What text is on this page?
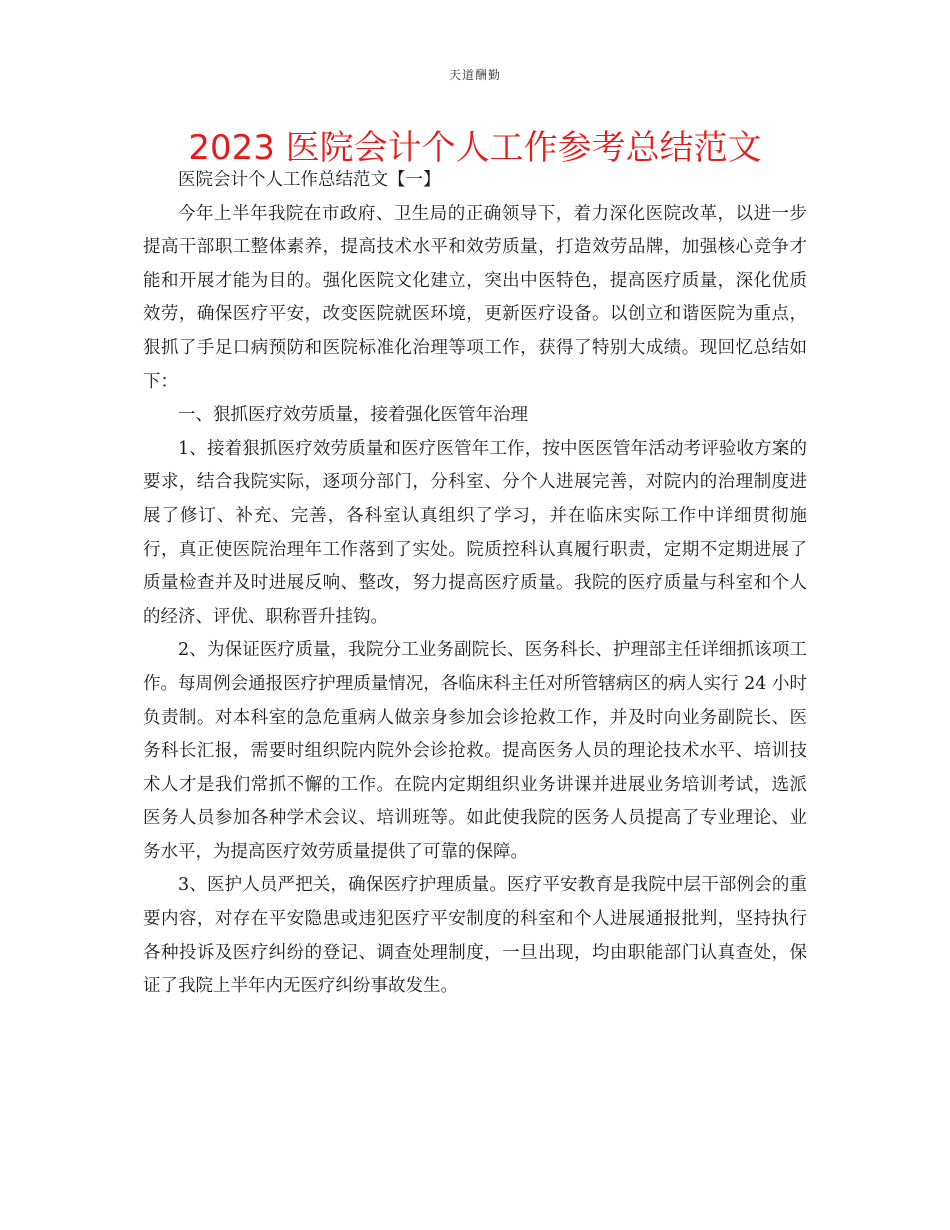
天道酬勤
2023 医院会计个人工作参考总结范文

医院会计个人工作总结范文【一】

今年上半年我院在市政府、卫生局的正确领导下，着力深化医院改革，以进一步提高干部职工整体素养，提高技术水平和效劳质量，打造效劳品牌，加强核心竞争才能和开展才能为目的。强化医院文化建立，突出中医特色，提高医疗质量，深化优质效劳，确保医疗平安，改变医院就医环境，更新医疗设备。以创立和谐医院为重点，狠抓了手足口病预防和医院标准化治理等项工作，获得了特别大成绩。现回忆总结如下：

一、狠抓医疗效劳质量，接着强化医管年治理

1、接着狠抓医疗效劳质量和医疗医管年工作，按中医医管年活动考评验收方案的要求，结合我院实际，逐项分部门，分科室、分个人进展完善，对院内的治理制度进展了修订、补充、完善，各科室认真组织了学习，并在临床实际工作中详细贯彻施行，真正使医院治理年工作落到了实处。院质控科认真履行职责，定期不定期进展了质量检查并及时进展反响、整改，努力提高医疗质量。我院的医疗质量与科室和个人的经济、评优、职称晋升挂钩。

2、为保证医疗质量，我院分工业务副院长、医务科长、护理部主任详细抓该项工作。每周例会通报医疗护理质量情况，各临床科主任对所管辖病区的病人实行 24 小时负责制。对本科室的急危重病人做亲身参加会诊抢救工作，并及时向业务副院长、医务科长汇报，需要时组织院内院外会诊抢救。提高医务人员的理论技术水平、培训技术人才是我们常抓不懈的工作。在院内定期组织业务讲课并进展业务培训考试，选派医务人员参加各种学术会议、培训班等。如此使我院的医务人员提高了专业理论、业务水平，为提高医疗效劳质量提供了可靠的保障。

3、医护人员严把关，确保医疗护理质量。医疗平安教育是我院中层干部例会的重要内容，对存在平安隐患或违犯医疗平安制度的科室和个人进展通报批判，坚持执行各种投诉及医疗纠纷的登记、调查处理制度，一旦出现，均由职能部门认真查处，保证了我院上半年内无医疗纠纷事故发生。
